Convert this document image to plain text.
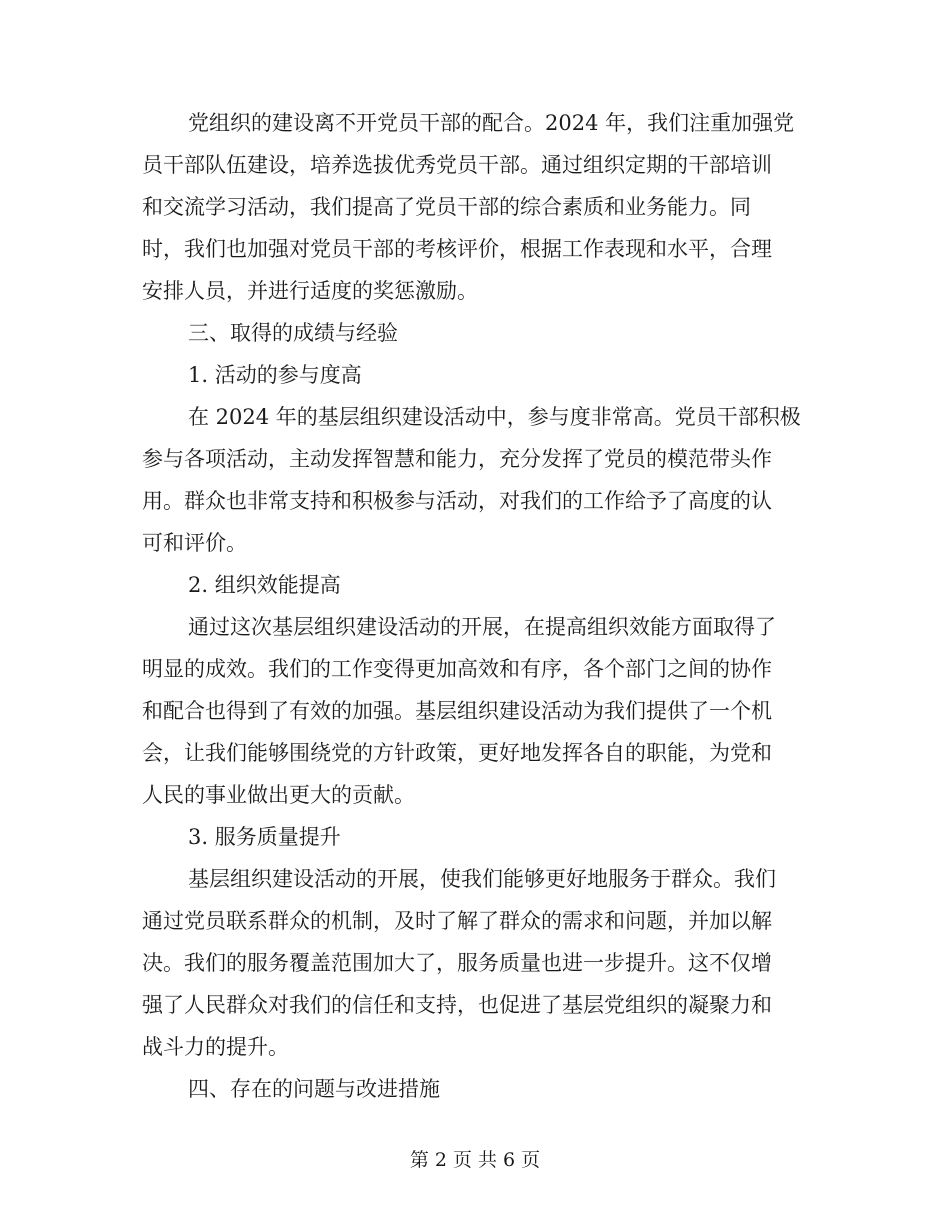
党组织的建设离不开党员干部的配合。2024 年，我们注重加强党

员干部队伍建设，培养选拔优秀党员干部。通过组织定期的干部培训

和交流学习活动，我们提高了党员干部的综合素质和业务能力。同

时，我们也加强对党员干部的考核评价，根据工作表现和水平，合理

安排人员，并进行适度的奖惩激励。

三、取得的成绩与经验

1. 活动的参与度高

在 2024 年的基层组织建设活动中，参与度非常高。党员干部积极

参与各项活动，主动发挥智慧和能力，充分发挥了党员的模范带头作

用。群众也非常支持和积极参与活动，对我们的工作给予了高度的认

可和评价。

2. 组织效能提高

通过这次基层组织建设活动的开展，在提高组织效能方面取得了

明显的成效。我们的工作变得更加高效和有序，各个部门之间的协作

和配合也得到了有效的加强。基层组织建设活动为我们提供了一个机

会，让我们能够围绕党的方针政策，更好地发挥各自的职能，为党和

人民的事业做出更大的贡献。

3. 服务质量提升

基层组织建设活动的开展，使我们能够更好地服务于群众。我们

通过党员联系群众的机制，及时了解了群众的需求和问题，并加以解

决。我们的服务覆盖范围加大了，服务质量也进一步提升。这不仅增

强了人民群众对我们的信任和支持，也促进了基层党组织的凝聚力和

战斗力的提升。

四、存在的问题与改进措施

第 2 页 共 6 页
